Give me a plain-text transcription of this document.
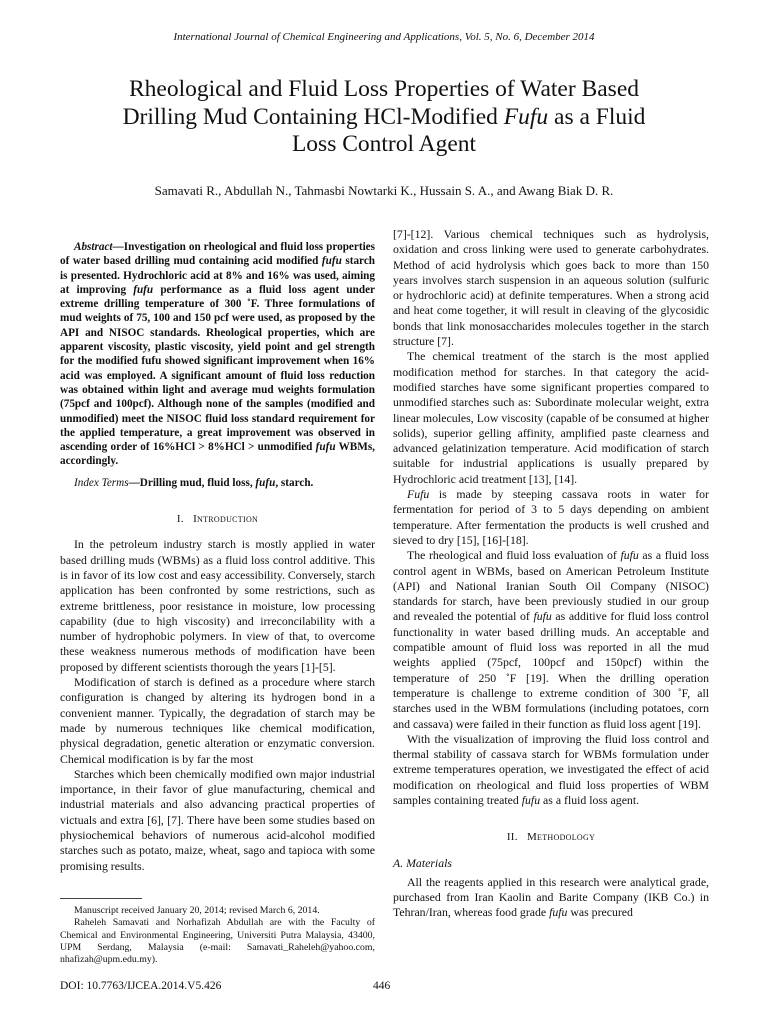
International Journal of Chemical Engineering and Applications, Vol. 5, No. 6, December 2014
Rheological and Fluid Loss Properties of Water Based
Drilling Mud Containing HCl-Modified Fufu as a Fluid
Loss Control Agent
Samavati R., Abdullah N., Tahmasbi Nowtarki K., Hussain S. A., and Awang Biak D. R.

Abstract—Investigation on rheological and fluid loss properties of water based drilling mud containing acid modified fufu starch is presented. Hydrochloric acid at 8% and 16% was used, aiming at improving fufu performance as a fluid loss agent under extreme drilling temperature of 300 ˚F. Three formulations of mud weights of 75, 100 and 150 pcf were used, as proposed by the API and NISOC standards. Rheological properties, which are apparent viscosity, plastic viscosity, yield point and gel strength for the modified fufu showed significant improvement when 16% acid was employed. A significant amount of fluid loss reduction was obtained within light and average mud weights formulation (75pcf and 100pcf). Although none of the samples (modified and unmodified) meet the NISOC fluid loss standard requirement for the applied temperature, a great improvement was observed in ascending order of 16%HCl > 8%HCl > unmodified fufu WBMs, accordingly.

Index Terms—Drilling mud, fluid loss, fufu, starch.

I. Introduction

In the petroleum industry starch is mostly applied in water based drilling muds (WBMs) as a fluid loss control additive. This is in favor of its low cost and easy accessibility. Conversely, starch application has been confronted by some restrictions, such as extreme brittleness, poor resistance in moisture, low processing capability (due to high viscosity) and irreconcilability with a number of hydrophobic polymers. In view of that, to overcome these weakness numerous methods of modification have been proposed by different scientists thorough the years [1]-[5].

Modification of starch is defined as a procedure where starch configuration is changed by altering its hydrogen bond in a convenient manner. Typically, the degradation of starch may be made by numerous techniques like chemical modification, physical degradation, genetic alteration or enzymatic conversion. Chemical modification is by far the most

Starches which been chemically modified own major industrial importance, in their favor of glue manufacturing, chemical and industrial materials and also advancing practical properties of victuals and extra [6], [7]. There have been some studies based on physiochemical behaviors of numerous acid-alcohol modified starches such as potato, maize, wheat, sago and tapioca with some promising results.

Manuscript received January 20, 2014; revised March 6, 2014.

Raheleh Samavati and Norhafizah Abdullah are with the Faculty of Chemical and Environmental Engineering, Universiti Putra Malaysia, 43400, UPM Serdang, Malaysia (e-mail: Samavati_Raheleh@yahoo.com, nhafizah@upm.edu.my).

[7]-[12]. Various chemical techniques such as hydrolysis, oxidation and cross linking were used to generate carbohydrates. Method of acid hydrolysis which goes back to more than 150 years involves starch suspension in an aqueous solution (sulfuric or hydrochloric acid) at definite temperatures. When a strong acid and heat come together, it will result in cleaving of the glycosidic bonds that link monosaccharides molecules together in the starch structure [7].

The chemical treatment of the starch is the most applied modification method for starches. In that category the acid-modified starches have some significant properties compared to unmodified starches such as: Subordinate molecular weight, extra linear molecules, Low viscosity (capable of be consumed at higher solids), superior gelling affinity, amplified paste clearness and advanced gelatinization temperature. Acid modification of starch suitable for industrial applications is usually prepared by Hydrochloric acid treatment [13], [14].

Fufu is made by steeping cassava roots in water for fermentation for period of 3 to 5 days depending on ambient temperature. After fermentation the products is well crushed and sieved to dry [15], [16]-[18].

The rheological and fluid loss evaluation of fufu as a fluid loss control agent in WBMs, based on American Petroleum Institute (API) and National Iranian South Oil Company (NISOC) standards for starch, have been previously studied in our group and revealed the potential of fufu as additive for fluid loss control functionality in water based drilling muds. An acceptable and compatible amount of fluid loss was reported in all the mud weights applied (75pcf, 100pcf and 150pcf) within the temperature of 250 ˚F [19]. When the drilling operation temperature is challenge to extreme condition of 300 ˚F, all starches used in the WBM formulations (including potatoes, corn and cassava) were failed in their function as fluid loss agent [19].

With the visualization of improving the fluid loss control and thermal stability of cassava starch for WBMs formulation under extreme temperatures operation, we investigated the effect of acid modification on rheological and fluid loss properties of WBM samples containing treated fufu as a fluid loss agent.

II. Methodology

A. Materials

All the reagents applied in this research were analytical grade, purchased from Iran Kaolin and Barite Company (IKB Co.) in Tehran/Iran, whereas food grade fufu was precured

DOI: 10.7763/IJCEA.2014.V5.426	446
